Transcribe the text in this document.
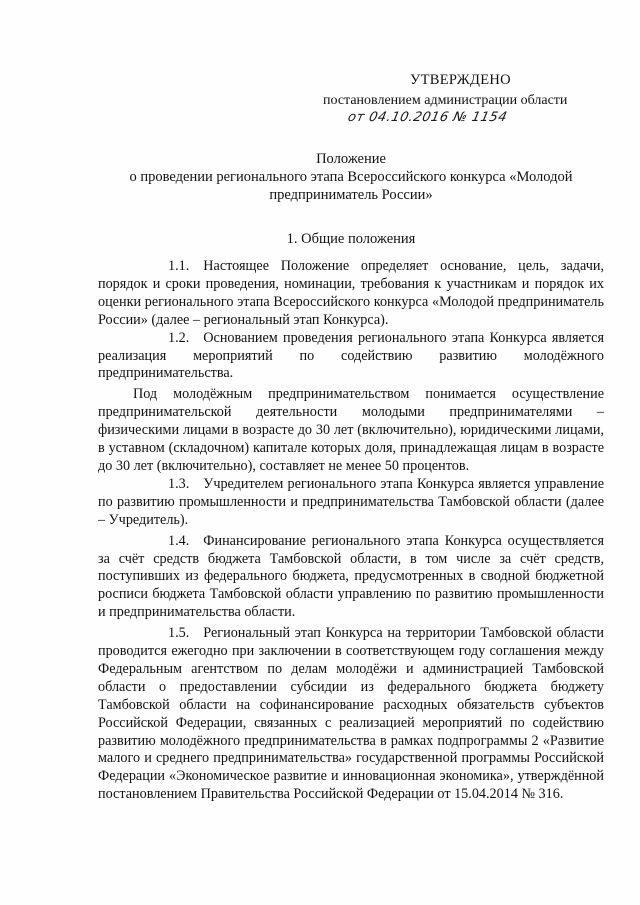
УТВЕРЖДЕНО
постановлением администрации области
от 04.10.2016 № 1154
Положение
о проведении регионального этапа Всероссийского конкурса «Молодой предприниматель России»
1. Общие положения

1.1. Настоящее Положение определяет основание, цель, задачи, порядок и сроки проведения, номинации, требования к участникам и порядок их оценки регионального этапа Всероссийского конкурса «Молодой предприниматель России» (далее – региональный этап Конкурса).

1.2. Основанием проведения регионального этапа Конкурса является реализация мероприятий по содействию развитию молодёжного предпринимательства.

Под молодёжным предпринимательством понимается осуществление предпринимательской деятельности молодыми предпринимателями – физическими лицами в возрасте до 30 лет (включительно), юридическими лицами, в уставном (складочном) капитале которых доля, принадлежащая лицам в возрасте до 30 лет (включительно), составляет не менее 50 процентов.

1.3. Учредителем регионального этапа Конкурса является управление по развитию промышленности и предпринимательства Тамбовской области (далее – Учредитель).

1.4. Финансирование регионального этапа Конкурса осуществляется за счёт средств бюджета Тамбовской области, в том числе за счёт средств, поступивших из федерального бюджета, предусмотренных в сводной бюджетной росписи бюджета Тамбовской области управлению по развитию промышленности и предпринимательства области.

1.5. Региональный этап Конкурса на территории Тамбовской области проводится ежегодно при заключении в соответствующем году соглашения между Федеральным агентством по делам молодёжи и администрацией Тамбовской области о предоставлении субсидии из федерального бюджета бюджету Тамбовской области на софинансирование расходных обязательств субъектов Российской Федерации, связанных с реализацией мероприятий по содействию развитию молодёжного предпринимательства в рамках подпрограммы 2 «Развитие малого и среднего предпринимательства» государственной программы Российской Федерации «Экономическое развитие и инновационная экономика», утверждённой постановлением Правительства Российской Федерации от 15.04.2014 № 316.
